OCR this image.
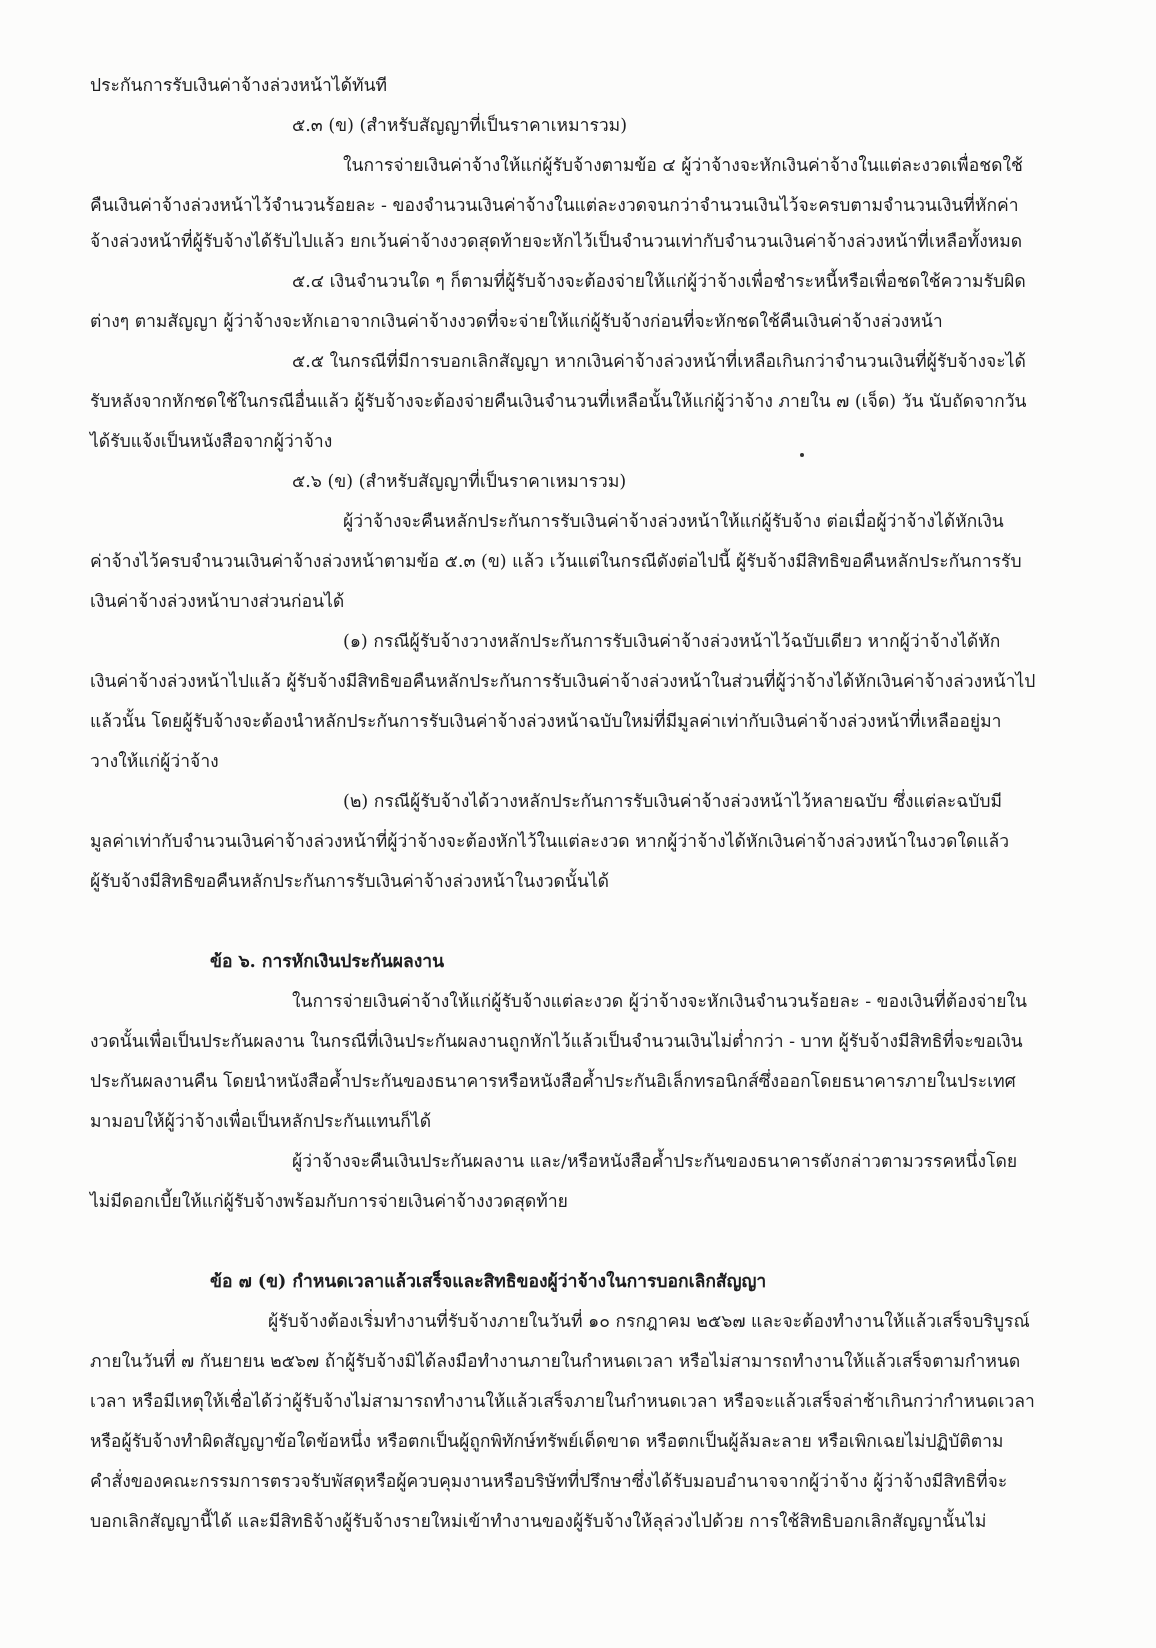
ประกันการรับเงินค่าจ้างล่วงหน้าได้ทันที
๕.๓ (ข) (สำหรับสัญญาที่เป็นราคาเหมารวม)
ในการจ่ายเงินค่าจ้างให้แก่ผู้รับจ้างตามข้อ ๔ ผู้ว่าจ้างจะหักเงินค่าจ้างในแต่ละงวดเพื่อชดใช้
คืนเงินค่าจ้างล่วงหน้าไว้จำนวนร้อยละ - ของจำนวนเงินค่าจ้างในแต่ละงวดจนกว่าจำนวนเงินไว้จะครบตามจำนวนเงินที่หักค่า
จ้างล่วงหน้าที่ผู้รับจ้างได้รับไปแล้ว ยกเว้นค่าจ้างงวดสุดท้ายจะหักไว้เป็นจำนวนเท่ากับจำนวนเงินค่าจ้างล่วงหน้าที่เหลือทั้งหมด
๕.๔ เงินจำนวนใด ๆ ก็ตามที่ผู้รับจ้างจะต้องจ่ายให้แก่ผู้ว่าจ้างเพื่อชำระหนี้หรือเพื่อชดใช้ความรับผิด
ต่างๆ ตามสัญญา ผู้ว่าจ้างจะหักเอาจากเงินค่าจ้างงวดที่จะจ่ายให้แก่ผู้รับจ้างก่อนที่จะหักชดใช้คืนเงินค่าจ้างล่วงหน้า
๕.๕ ในกรณีที่มีการบอกเลิกสัญญา หากเงินค่าจ้างล่วงหน้าที่เหลือเกินกว่าจำนวนเงินที่ผู้รับจ้างจะได้
รับหลังจากหักชดใช้ในกรณีอื่นแล้ว ผู้รับจ้างจะต้องจ่ายคืนเงินจำนวนที่เหลือนั้นให้แก่ผู้ว่าจ้าง ภายใน ๗ (เจ็ด) วัน นับถัดจากวัน
ได้รับแจ้งเป็นหนังสือจากผู้ว่าจ้าง
๕.๖ (ข) (สำหรับสัญญาที่เป็นราคาเหมารวม)
ผู้ว่าจ้างจะคืนหลักประกันการรับเงินค่าจ้างล่วงหน้าให้แก่ผู้รับจ้าง ต่อเมื่อผู้ว่าจ้างได้หักเงิน
ค่าจ้างไว้ครบจำนวนเงินค่าจ้างล่วงหน้าตามข้อ ๕.๓ (ข) แล้ว เว้นแต่ในกรณีดังต่อไปนี้ ผู้รับจ้างมีสิทธิขอคืนหลักประกันการรับ
เงินค่าจ้างล่วงหน้าบางส่วนก่อนได้
(๑) กรณีผู้รับจ้างวางหลักประกันการรับเงินค่าจ้างล่วงหน้าไว้ฉบับเดียว หากผู้ว่าจ้างได้หัก
เงินค่าจ้างล่วงหน้าไปแล้ว ผู้รับจ้างมีสิทธิขอคืนหลักประกันการรับเงินค่าจ้างล่วงหน้าในส่วนที่ผู้ว่าจ้างได้หักเงินค่าจ้างล่วงหน้าไป
แล้วนั้น โดยผู้รับจ้างจะต้องนำหลักประกันการรับเงินค่าจ้างล่วงหน้าฉบับใหม่ที่มีมูลค่าเท่ากับเงินค่าจ้างล่วงหน้าที่เหลืออยู่มา
วางให้แก่ผู้ว่าจ้าง
(๒) กรณีผู้รับจ้างได้วางหลักประกันการรับเงินค่าจ้างล่วงหน้าไว้หลายฉบับ ซึ่งแต่ละฉบับมี
มูลค่าเท่ากับจำนวนเงินค่าจ้างล่วงหน้าที่ผู้ว่าจ้างจะต้องหักไว้ในแต่ละงวด หากผู้ว่าจ้างได้หักเงินค่าจ้างล่วงหน้าในงวดใดแล้ว
ผู้รับจ้างมีสิทธิขอคืนหลักประกันการรับเงินค่าจ้างล่วงหน้าในงวดนั้นได้
ข้อ ๖. การหักเงินประกันผลงาน
ในการจ่ายเงินค่าจ้างให้แก่ผู้รับจ้างแต่ละงวด ผู้ว่าจ้างจะหักเงินจำนวนร้อยละ - ของเงินที่ต้องจ่ายใน
งวดนั้นเพื่อเป็นประกันผลงาน ในกรณีที่เงินประกันผลงานถูกหักไว้แล้วเป็นจำนวนเงินไม่ต่ำกว่า - บาท ผู้รับจ้างมีสิทธิที่จะขอเงิน
ประกันผลงานคืน โดยนำหนังสือค้ำประกันของธนาคารหรือหนังสือค้ำประกันอิเล็กทรอนิกส์ซึ่งออกโดยธนาคารภายในประเทศ
มามอบให้ผู้ว่าจ้างเพื่อเป็นหลักประกันแทนก็ได้
ผู้ว่าจ้างจะคืนเงินประกันผลงาน และ/หรือหนังสือค้ำประกันของธนาคารดังกล่าวตามวรรคหนึ่งโดย
ไม่มีดอกเบี้ยให้แก่ผู้รับจ้างพร้อมกับการจ่ายเงินค่าจ้างงวดสุดท้าย
ข้อ ๗ (ข) กำหนดเวลาแล้วเสร็จและสิทธิของผู้ว่าจ้างในการบอกเลิกสัญญา
ผู้รับจ้างต้องเริ่มทำงานที่รับจ้างภายในวันที่ ๑๐ กรกฎาคม ๒๕๖๗ และจะต้องทำงานให้แล้วเสร็จบริบูรณ์
ภายในวันที่ ๗ กันยายน ๒๕๖๗ ถ้าผู้รับจ้างมิได้ลงมือทำงานภายในกำหนดเวลา หรือไม่สามารถทำงานให้แล้วเสร็จตามกำหนด
เวลา หรือมีเหตุให้เชื่อได้ว่าผู้รับจ้างไม่สามารถทำงานให้แล้วเสร็จภายในกำหนดเวลา หรือจะแล้วเสร็จล่าช้าเกินกว่ากำหนดเวลา
หรือผู้รับจ้างทำผิดสัญญาข้อใดข้อหนึ่ง หรือตกเป็นผู้ถูกพิทักษ์ทรัพย์เด็ดขาด หรือตกเป็นผู้ล้มละลาย หรือเพิกเฉยไม่ปฏิบัติตาม
คำสั่งของคณะกรรมการตรวจรับพัสดุหรือผู้ควบคุมงานหรือบริษัทที่ปรึกษาซึ่งได้รับมอบอำนาจจากผู้ว่าจ้าง ผู้ว่าจ้างมีสิทธิที่จะ
บอกเลิกสัญญานี้ได้ และมีสิทธิจ้างผู้รับจ้างรายใหม่เข้าทำงานของผู้รับจ้างให้ลุล่วงไปด้วย การใช้สิทธิบอกเลิกสัญญานั้นไม่
